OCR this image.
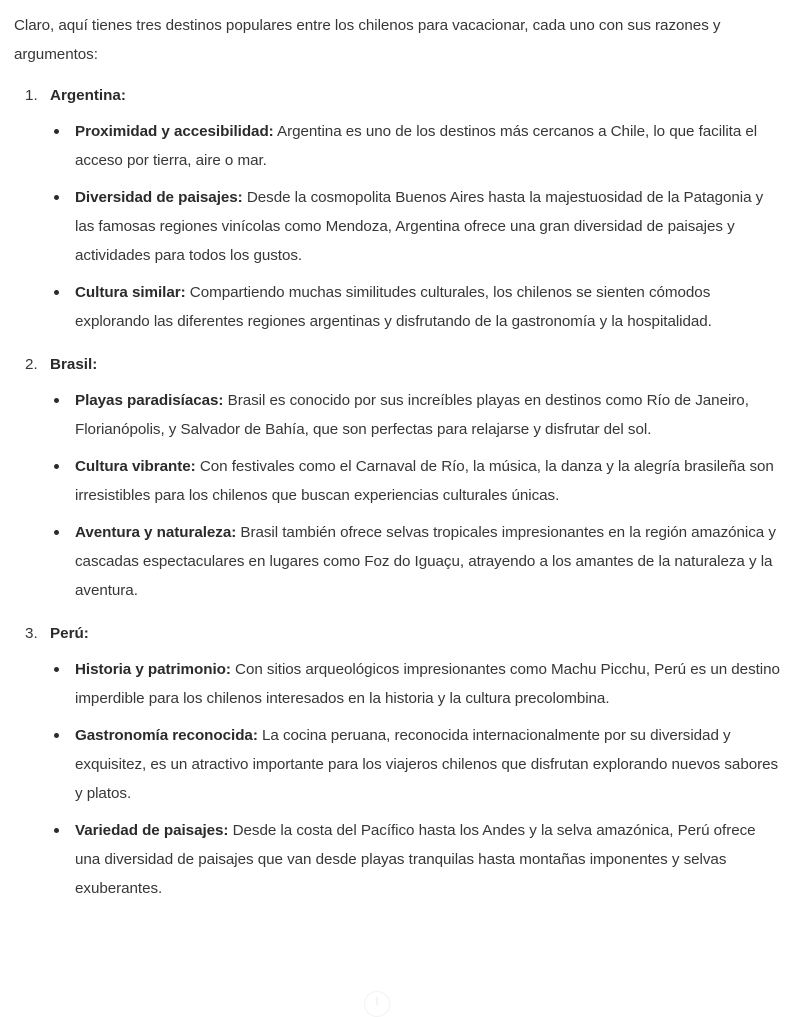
Claro, aquí tienes tres destinos populares entre los chilenos para vacacionar, cada uno con sus razones y argumentos:

1. Argentina:
Proximidad y accesibilidad: Argentina es uno de los destinos más cercanos a Chile, lo que facilita el acceso por tierra, aire o mar.
Diversidad de paisajes: Desde la cosmopolita Buenos Aires hasta la majestuosidad de la Patagonia y las famosas regiones vinícolas como Mendoza, Argentina ofrece una gran diversidad de paisajes y actividades para todos los gustos.
Cultura similar: Compartiendo muchas similitudes culturales, los chilenos se sienten cómodos explorando las diferentes regiones argentinas y disfrutando de la gastronomía y la hospitalidad.
2. Brasil:
Playas paradisíacas: Brasil es conocido por sus increíbles playas en destinos como Río de Janeiro, Florianópolis, y Salvador de Bahía, que son perfectas para relajarse y disfrutar del sol.
Cultura vibrante: Con festivales como el Carnaval de Río, la música, la danza y la alegría brasileña son irresistibles para los chilenos que buscan experiencias culturales únicas.
Aventura y naturaleza: Brasil también ofrece selvas tropicales impresionantes en la región amazónica y cascadas espectaculares en lugares como Foz do Iguaçu, atrayendo a los amantes de la naturaleza y la aventura.
3. Perú:
Historia y patrimonio: Con sitios arqueológicos impresionantes como Machu Picchu, Perú es un destino imperdible para los chilenos interesados en la historia y la cultura precolombina.
Gastronomía reconocida: La cocina peruana, reconocida internacionalmente por su diversidad y exquisitez, es un atractivo importante para los viajeros chilenos que disfrutan explorando nuevos sabores y platos.
Variedad de paisajes: Desde la costa del Pacífico hasta los Andes y la selva amazónica, Perú ofrece una diversidad de paisajes que van desde playas tranquilas hasta montañas imponentes y selvas exuberantes.
